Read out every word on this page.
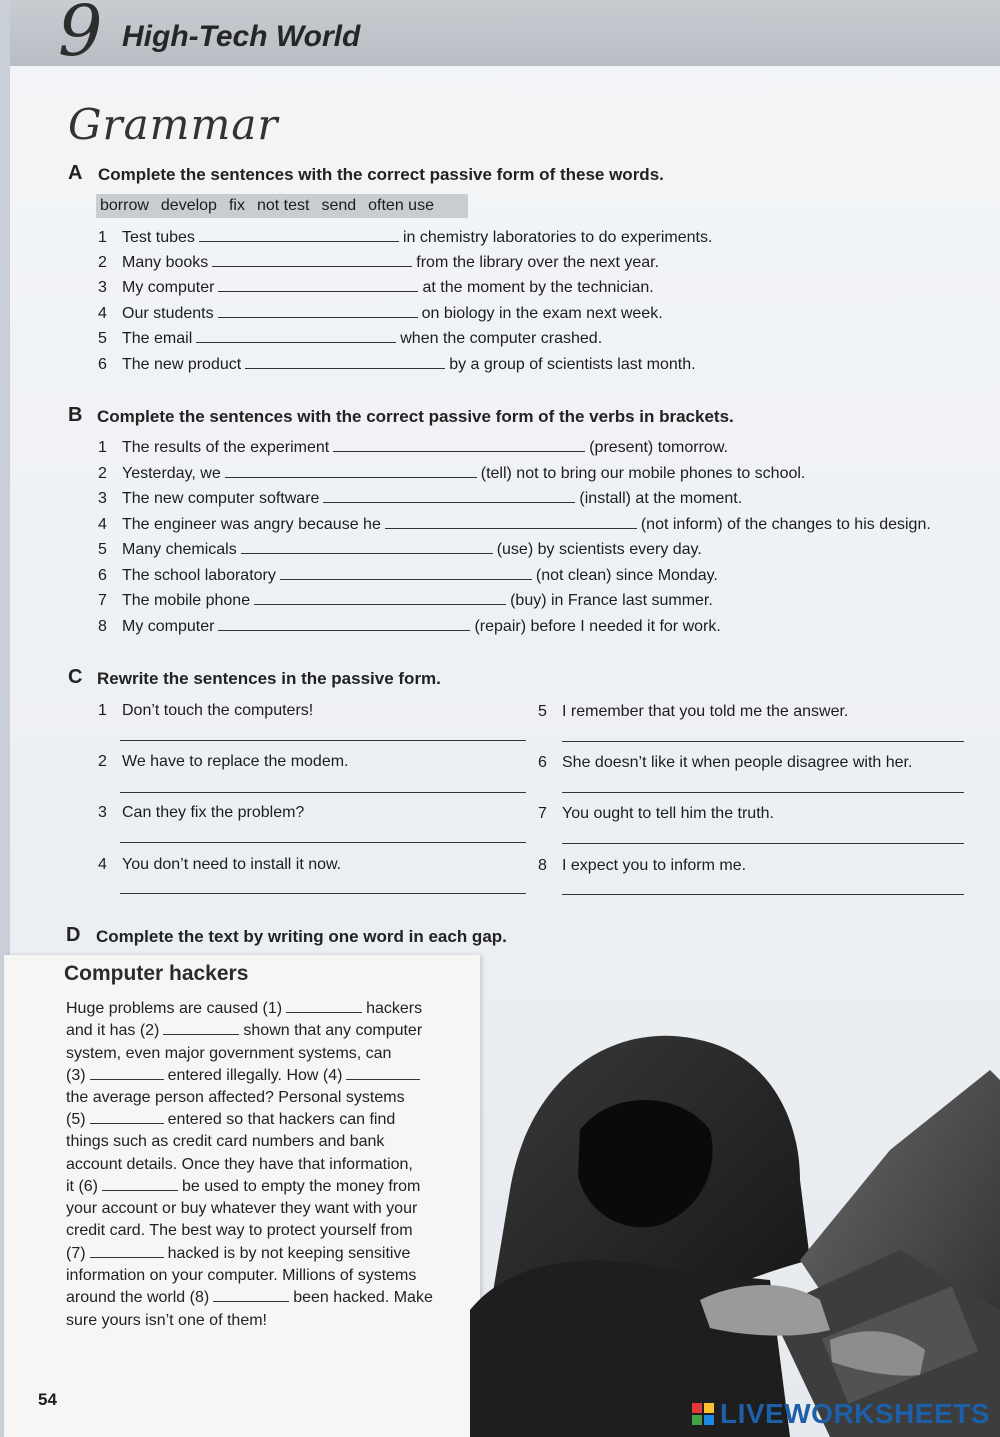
9 High-Tech World
Grammar
A Complete the sentences with the correct passive form of these words.
borrow develop fix not test send often use
1 Test tubes	in chemistry laboratories to do experiments.
2 Many books	from the library over the next year.
3 My computer	at the moment by the technician.
4 Our students	on biology in the exam next week.
5 The email	when the computer crashed.
6 The new product	by a group of scientists last month.
B Complete the sentences with the correct passive form of the verbs in brackets.
1 The results of the experiment	(present) tomorrow.
2 Yesterday, we	(tell) not to bring our mobile phones to school.
3 The new computer software	(install) at the moment.
4 The engineer was angry because he	(not inform) of the changes to his design.
5 Many chemicals	(use) by scientists every day.
6 The school laboratory	(not clean) since Monday.
7 The mobile phone	(buy) in France last summer.
8 My computer	(repair) before I needed it for work.
C Rewrite the sentences in the passive form.
1 Don’t touch the computers!
2 We have to replace the modem.
3 Can they fix the problem?
4 You don’t need to install it now.
5 I remember that you told me the answer.
6 She doesn’t like it when people disagree with her.
7 You ought to tell him the truth.
8 I expect you to inform me.
D Complete the text by writing one word in each gap.
Computer hackers
Huge problems are caused (1)	hackers
and it has (2)	shown that any computer
system, even major government systems, can
(3)	entered illegally. How (4)
the average person affected? Personal systems
(5)	entered so that hackers can find
things such as credit card numbers and bank
account details. Once they have that information,
it (6)	be used to empty the money from
your account or buy whatever they want with your
credit card. The best way to protect yourself from
(7)	hacked is by not keeping sensitive
information on your computer. Millions of systems
around the world (8)	been hacked. Make
sure yours isn’t one of them!
54	LIVEWORKSHEETS
